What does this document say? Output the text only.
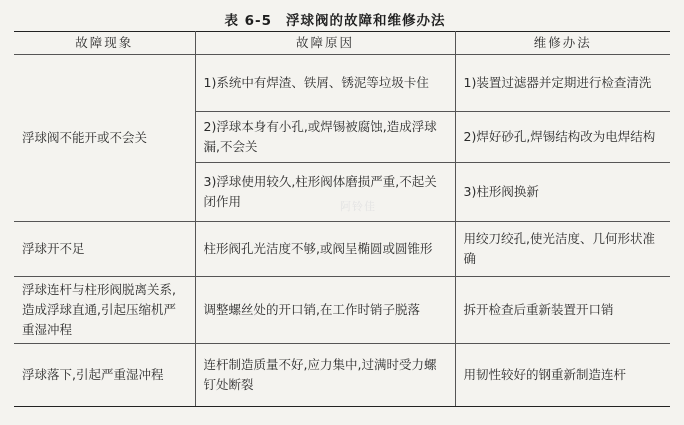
表 6-5 浮球阀的故障和维修办法
故障现象	故障原因	维修办法
浮球阀不能开或不会关	1)系统中有焊渣、铁屑、锈泥等垃圾卡住	1)装置过滤器并定期进行检查清洗
	2)浮球本身有小孔,或焊锡被腐蚀,造成浮球漏,不会关	2)焊好砂孔,焊锡结构改为电焊结构
	3)浮球使用较久,柱形阀体磨损严重,不起关闭作用	3)柱形阀换新
浮球开不足	柱形阀孔光洁度不够,或阀呈椭圆或圆锥形	用绞刀绞孔,使光洁度、几何形状准确
浮球连杆与柱形阀脱离关系,造成浮球直通,引起压缩机严重湿冲程	调整螺丝处的开口销,在工作时销子脱落	拆开检查后重新装置开口销
浮球落下,引起严重湿冲程	连杆制造质量不好,应力集中,过满时受力螺钉处断裂	用韧性较好的钢重新制造连杆
阿铃佳
